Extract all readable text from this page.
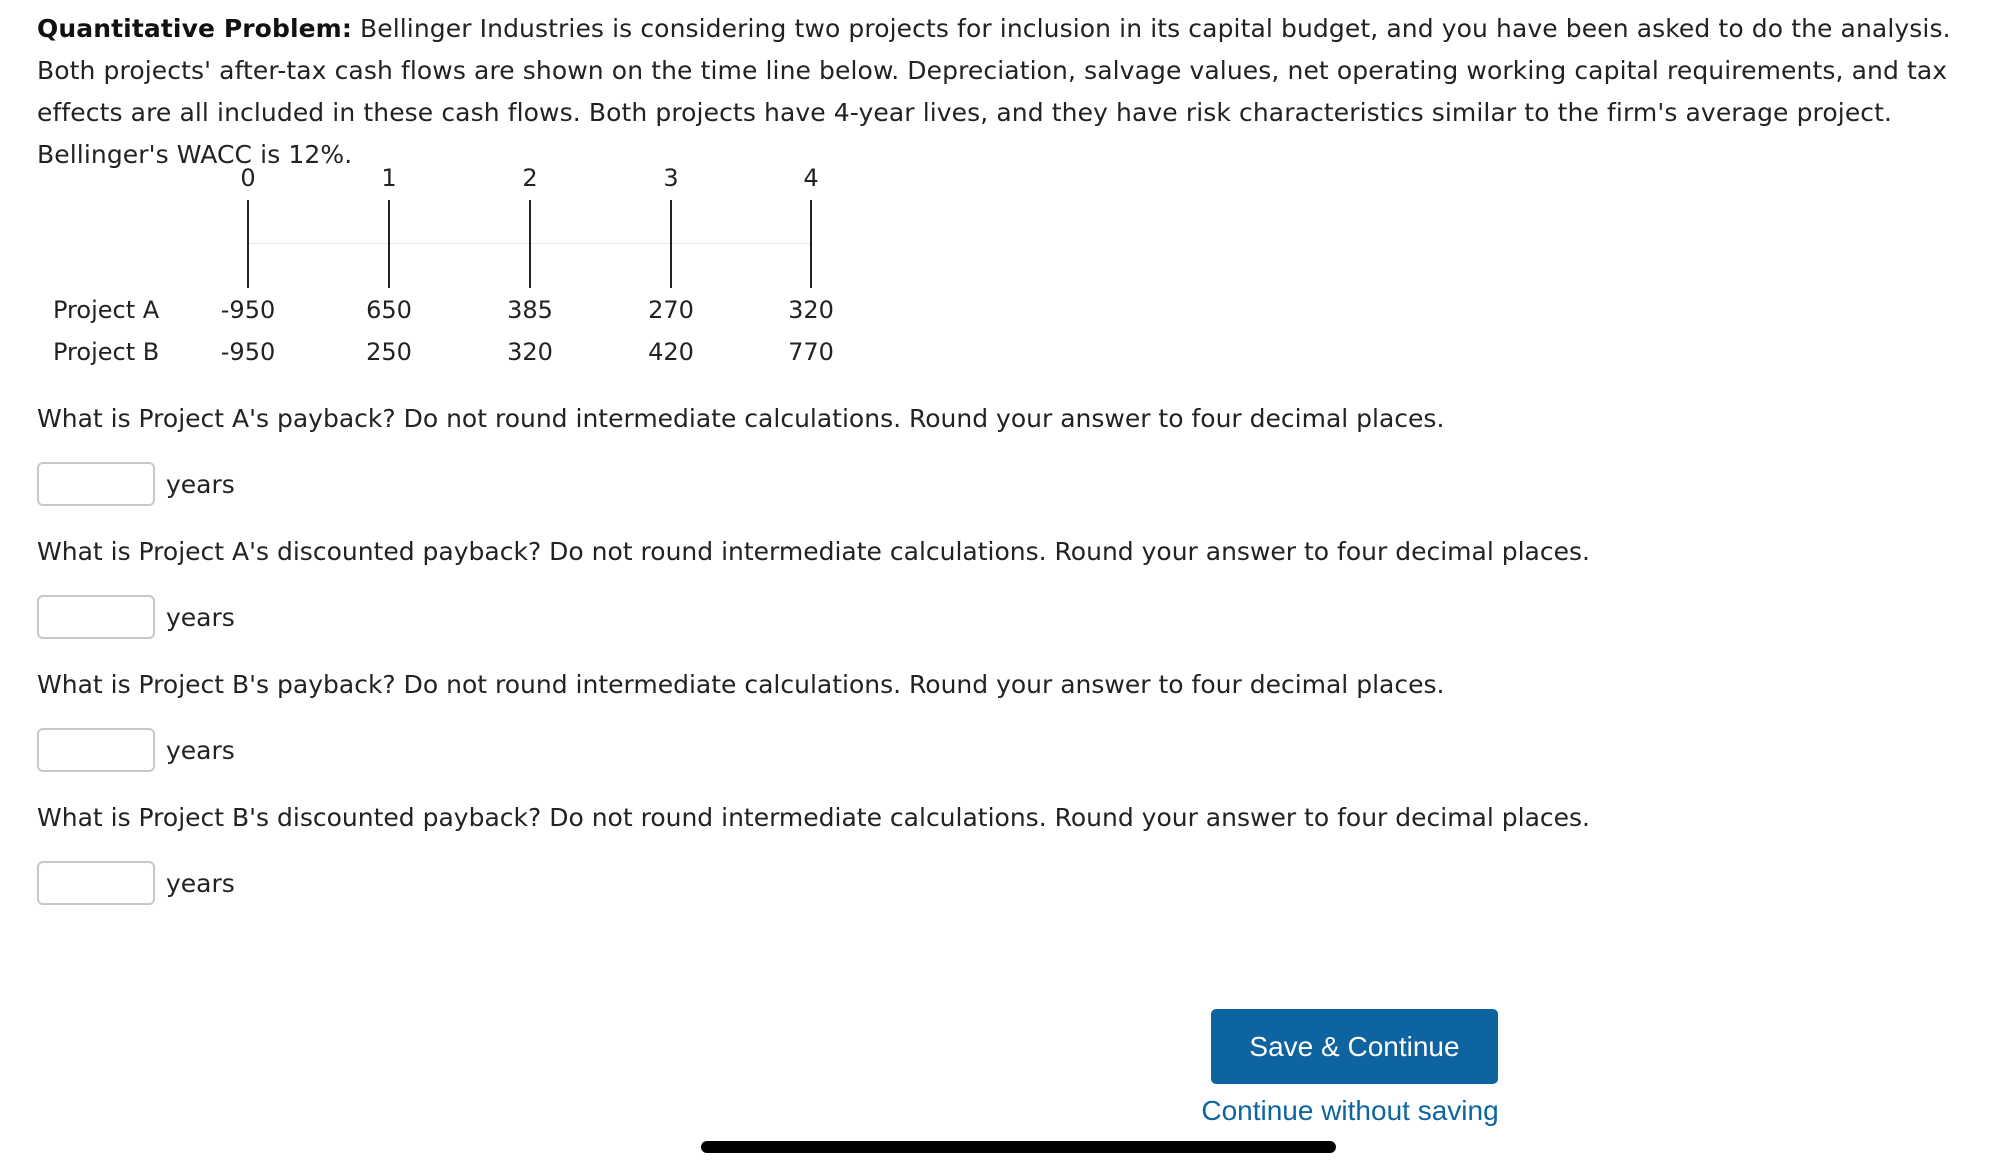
Quantitative Problem: Bellinger Industries is considering two projects for inclusion in its capital budget, and you have been asked to do the analysis. Both projects' after-tax cash flows are shown on the time line below. Depreciation, salvage values, net operating working capital requirements, and tax effects are all included in these cash flows. Both projects have 4-year lives, and they have risk characteristics similar to the firm's average project. Bellinger's WACC is 12%.
0	1	2	3	4
Project A	-950	650	385	270	320
Project B	-950	250	320	420	770
What is Project A's payback? Do not round intermediate calculations. Round your answer to four decimal places.
years
What is Project A's discounted payback? Do not round intermediate calculations. Round your answer to four decimal places.
years
What is Project B's payback? Do not round intermediate calculations. Round your answer to four decimal places.
years
What is Project B's discounted payback? Do not round intermediate calculations. Round your answer to four decimal places.
years
Save & Continue
Continue without saving
